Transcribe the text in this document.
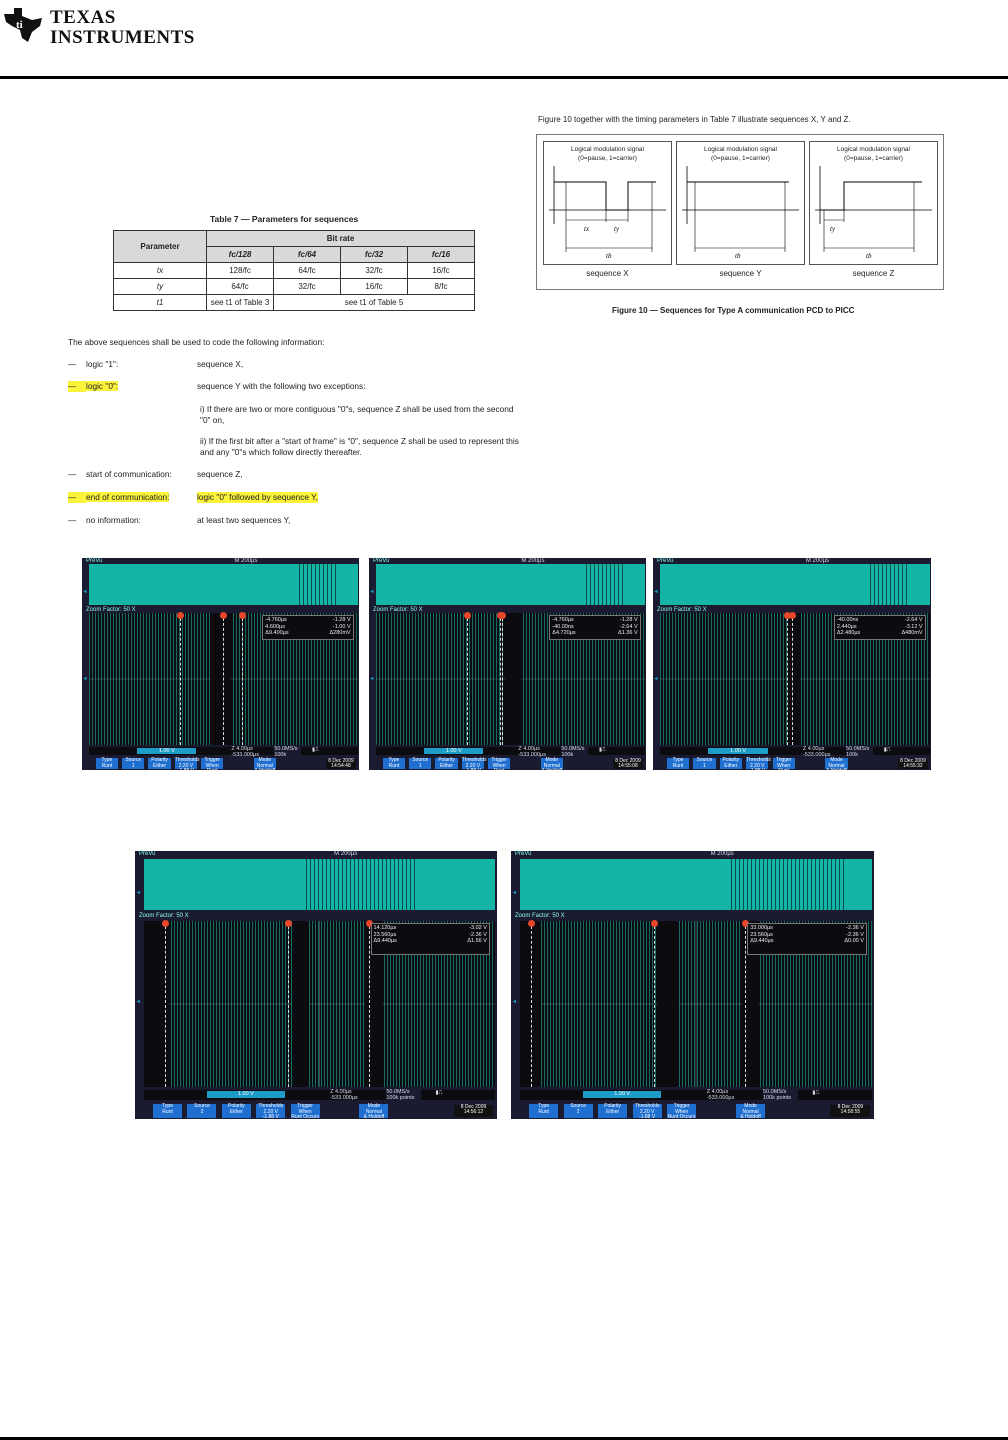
ti TEXAS
INSTRUMENTS
Table 7 — Parameters for sequences
Parameter	Bit rate			
	fc/128	fc/64	fc/32	fc/16
tx	128/fc	64/fc	32/fc	16/fc
ty	64/fc	32/fc	16/fc	8/fc
t1	see t1 of Table 3	see t1 of Table 5		
Figure 10 together with the timing parameters in Table 7 illustrate sequences X, Y and Z.
Logical modulation signal
(0=pause, 1=carrier)
tx	ty
tb
sequence X
Logical modulation signal
(0=pause, 1=carrier)
tb
sequence Y
Logical modulation signal
(0=pause, 1=carrier)
ty
tb
sequence Z
Figure 10 — Sequences for Type A communication PCD to PICC
The above sequences shall be used to code the following information:
— logic "1":	sequence X,
— logic "0":	sequence Y with the following two exceptions:
i) If there are two or more contiguous "0"s, sequence Z shall be used from the second "0" on,
ii) If the first bit after a "start of frame" is "0", sequence Z shall be used to represent this and any "0"s which follow directly thereafter.
— start of communication:	sequence Z,
— end of communication:	logic "0" followed by sequence Y,
— no information:	at least two sequences Y,
PreVu	M 200µs
◂
Zoom Factor: 50 X
-4.760µs	-1.28 V
4.600µs	-1.00 V
Δ9.400µs	Δ280mV
◂
1.00 V	Z 4.00µs
-533.000µs
50.0MS/s
100k
▮⎍
Type
Runt
Source
1
Polarity
Either
Thresholds
2.20 V
-1.88 V
Trigger When
Runt Occurs
Mode
Normal
& Holdoff
8 Dec 2009
14:54:48
PreVu	M 200µs
◂
Zoom Factor: 50 X
-4.760µs	-1.28 V
-40.00ns	-2.64 V
Δ4.720µs	Δ1.36 V
◂
1.00 V	Z 4.00µs
-533.000µs
50.0MS/s
100k
▮⎍
Type
Runt
Source
1
Polarity
Either
Thresholds
2.20 V
-1.88 V
Trigger When
Runt Occurs
Mode
Normal
& Holdoff
8 Dec 2009
14:55:08
PreVu	M 200µs
◂
Zoom Factor: 50 X
-40.00ns	-2.64 V
2.440µs	-3.12 V
Δ2.480µs	Δ480mV
◂
1.00 V	Z 4.00µs
-533.000µs
50.0MS/s
100k
▮⎍
Type
Runt
Source
1
Polarity
Either
Thresholds
2.20 V
-1.88 V
Trigger When
Runt Occurs
Mode
Normal
& Holdoff
8 Dec 2009
14:55:32
PreVu	M 200µs
◂
Zoom Factor: 50 X
14.120µs	-3.02 V
23.560µs	-2.36 V
Δ9.440µs	Δ1.56 V
◂
1.00 V	Z 4.00µs
-533.000µs
50.0MS/s
100k points
▮⎍
Type
Runt
Source
2
Polarity
Either
Thresholds
2.20 V
-1.88 V
Trigger When
Runt Occurs
Mode
Normal
& Holdoff
8 Dec 2009
14:56:12
PreVu	M 200µs
◂
Zoom Factor: 50 X
33.000µs	-2.36 V
23.560µs	-2.36 V
Δ9.440µs	Δ0.00 V
◂
1.00 V	Z 4.00µs
-533.000µs
50.0MS/s
100k points
▮⎍
Type
Runt
Source
2
Polarity
Either
Thresholds
2.20 V
-1.88 V
Trigger When
Runt Occurs
Mode
Normal
& Holdoff
8 Dec 2009
14:58:55
